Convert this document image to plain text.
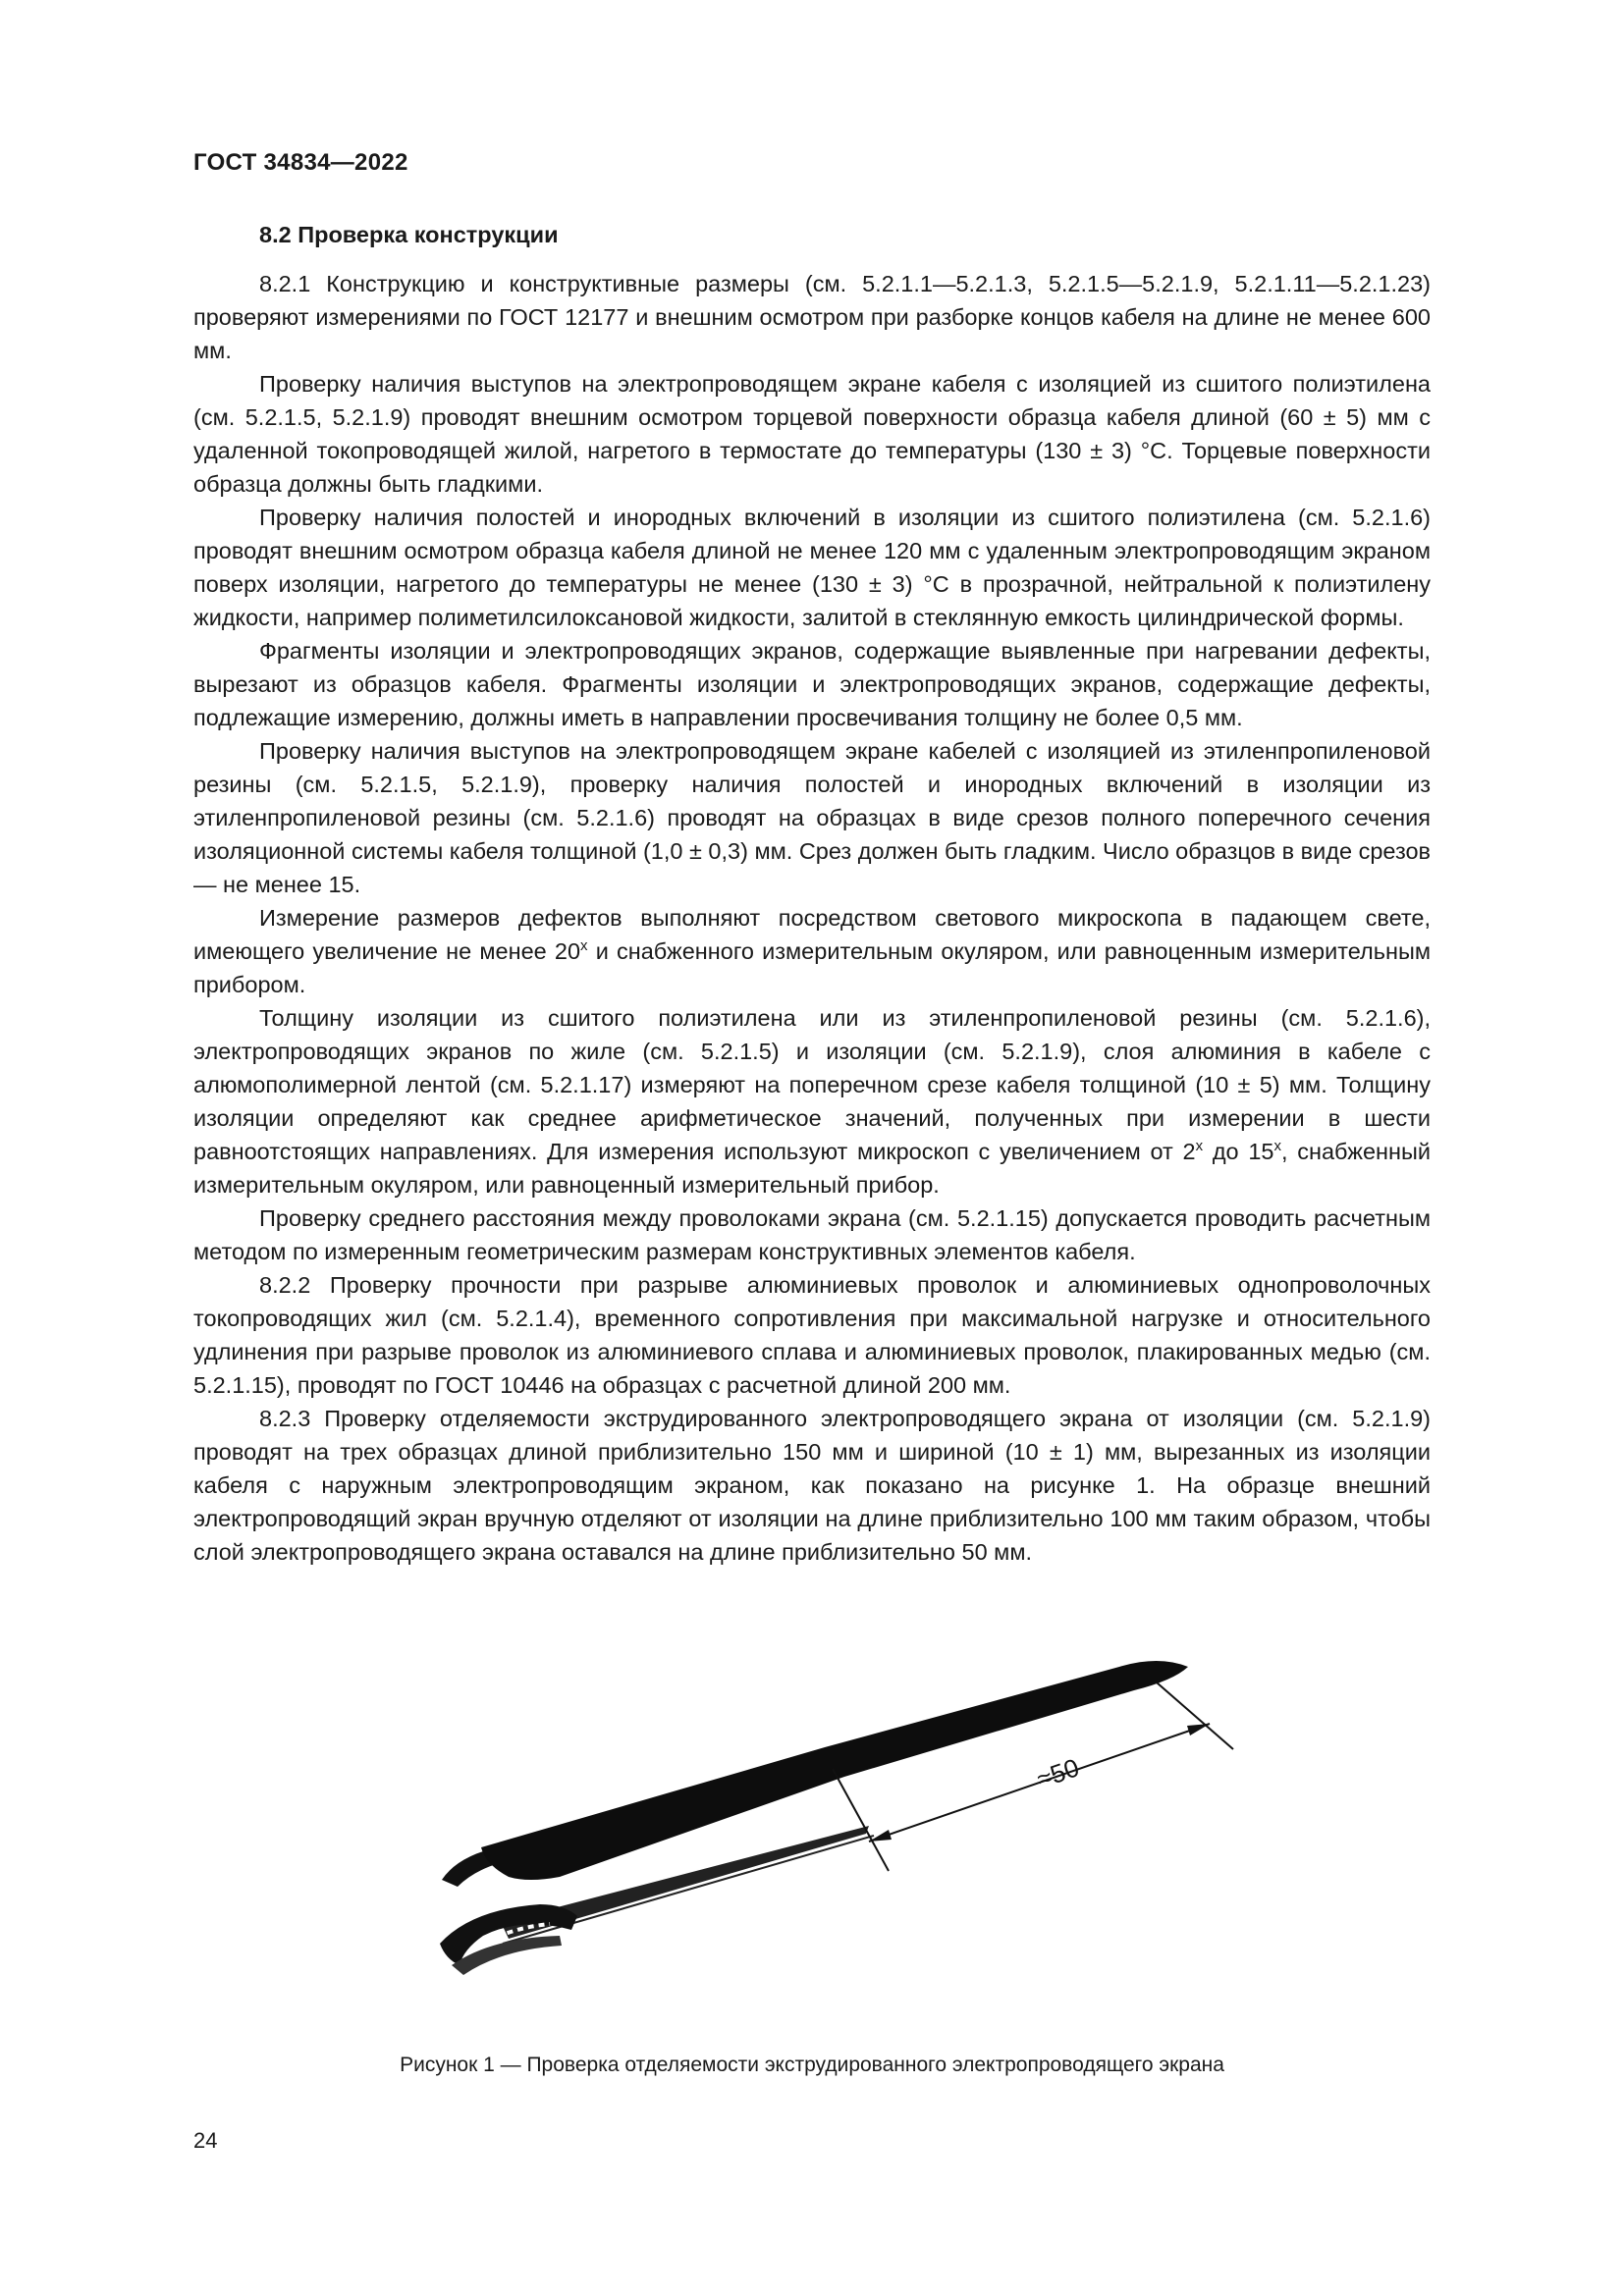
ГОСТ 34834—2022
8.2 Проверка конструкции

8.2.1 Конструкцию и конструктивные размеры (см. 5.2.1.1—5.2.1.3, 5.2.1.5—5.2.1.9, 5.2.1.11—5.2.1.23) проверяют измерениями по ГОСТ 12177 и внешним осмотром при разборке концов кабеля на длине не менее 600 мм.

Проверку наличия выступов на электропроводящем экране кабеля с изоляцией из сшитого полиэтилена (см. 5.2.1.5, 5.2.1.9) проводят внешним осмотром торцевой поверхности образца кабеля длиной (60 ± 5) мм с удаленной токопроводящей жилой, нагретого в термостате до температуры (130 ± 3) °С. Торцевые поверхности образца должны быть гладкими.

Проверку наличия полостей и инородных включений в изоляции из сшитого полиэтилена (см. 5.2.1.6) проводят внешним осмотром образца кабеля длиной не менее 120 мм с удаленным электропроводящим экраном поверх изоляции, нагретого до температуры не менее (130 ± 3) °С в прозрачной, нейтральной к полиэтилену жидкости, например полиметилсилоксановой жидкости, залитой в стеклянную емкость цилиндрической формы.

Фрагменты изоляции и электропроводящих экранов, содержащие выявленные при нагревании дефекты, вырезают из образцов кабеля. Фрагменты изоляции и электропроводящих экранов, содержащие дефекты, подлежащие измерению, должны иметь в направлении просвечивания толщину не более 0,5 мм.

Проверку наличия выступов на электропроводящем экране кабелей с изоляцией из этиленпропиленовой резины (см. 5.2.1.5, 5.2.1.9), проверку наличия полостей и инородных включений в изоляции из этиленпропиленовой резины (см. 5.2.1.6) проводят на образцах в виде срезов полного поперечного сечения изоляционной системы кабеля толщиной (1,0 ± 0,3) мм. Срез должен быть гладким. Число образцов в виде срезов — не менее 15.

Измерение размеров дефектов выполняют посредством светового микроскопа в падающем свете, имеющего увеличение не менее $20^х$ и снабженного измерительным окуляром, или равноценным измерительным прибором.

Толщину изоляции из сшитого полиэтилена или из этиленпропиленовой резины (см. 5.2.1.6), электропроводящих экранов по жиле (см. 5.2.1.5) и изоляции (см. 5.2.1.9), слоя алюминия в кабеле с алюмополимерной лентой (см. 5.2.1.17) измеряют на поперечном срезе кабеля толщиной (10 ± 5) мм. Толщину изоляции определяют как среднее арифметическое значений, полученных при измерении в шести равноотстоящих направлениях. Для измерения используют микроскоп с увеличением от $2^х$ до $15^х$, снабженный измерительным окуляром, или равноценный измерительный прибор.

Проверку среднего расстояния между проволоками экрана (см. 5.2.1.15) допускается проводить расчетным методом по измеренным геометрическим размерам конструктивных элементов кабеля.

8.2.2 Проверку прочности при разрыве алюминиевых проволок и алюминиевых однопроволочных токопроводящих жил (см. 5.2.1.4), временного сопротивления при максимальной нагрузке и относительного удлинения при разрыве проволок из алюминиевого сплава и алюминиевых проволок, плакированных медью (см. 5.2.1.15), проводят по ГОСТ 10446 на образцах с расчетной длиной 200 мм.

8.2.3 Проверку отделяемости экструдированного электропроводящего экрана от изоляции (см. 5.2.1.9) проводят на трех образцах длиной приблизительно 150 мм и шириной (10 ± 1) мм, вырезанных из изоляции кабеля с наружным электропроводящим экраном, как показано на рисунке 1. На образце внешний электропроводящий экран вручную отделяют от изоляции на длине приблизительно 100 мм таким образом, чтобы слой электропроводящего экрана оставался на длине приблизительно 50 мм.

≈50
Рисунок 1 — Проверка отделяемости экструдированного электропроводящего экрана
24
